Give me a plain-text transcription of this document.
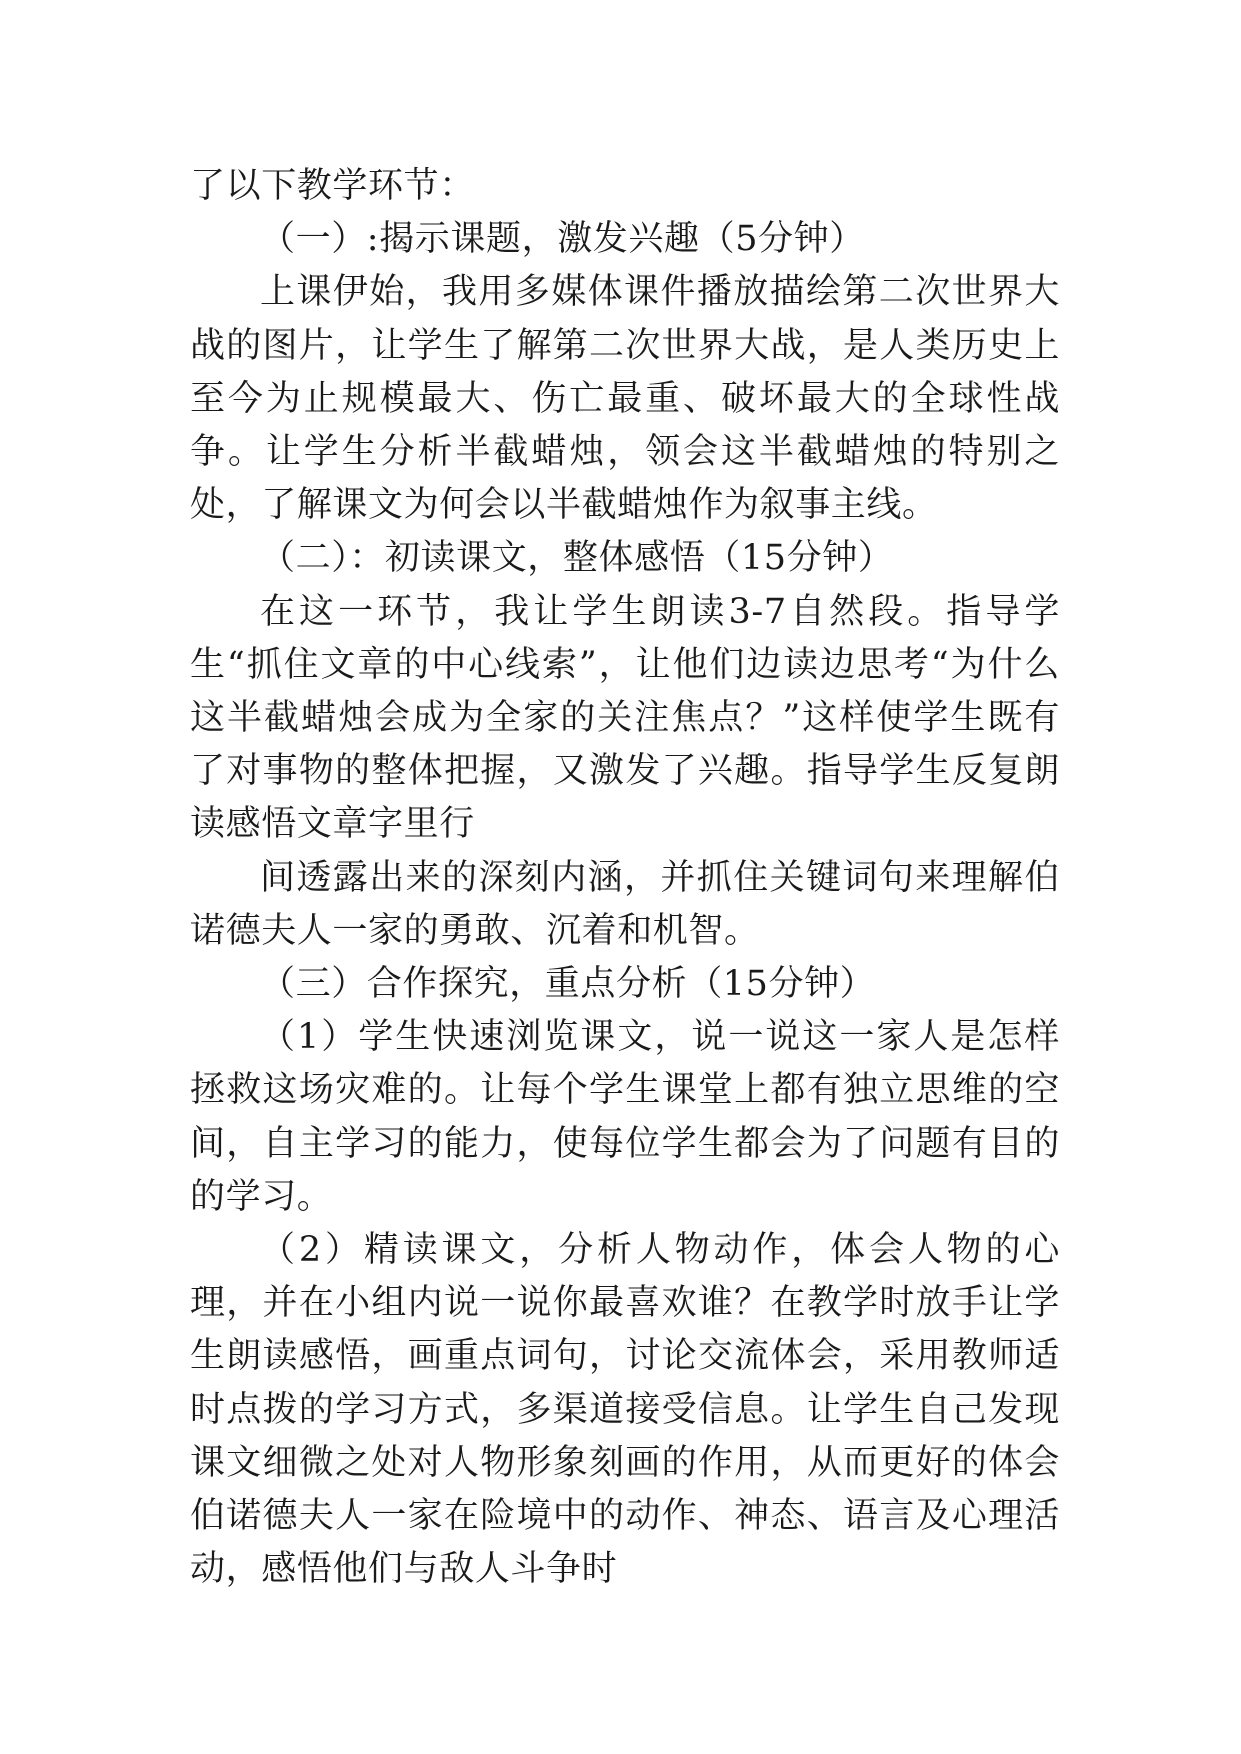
了以下教学环节：

（一）:揭示课题，激发兴趣（5分钟）

上课伊始，我用多媒体课件播放描绘第二次世界大战的图片，让学生了解第二次世界大战，是人类历史上至今为止规模最大、伤亡最重、破坏最大的全球性战争。让学生分析半截蜡烛，领会这半截蜡烛的特别之处，了解课文为何会以半截蜡烛作为叙事主线。

（二）：初读课文，整体感悟（15分钟）

在这一环节，我让学生朗读3-7自然段。指导学生“抓住文章的中心线索”，让他们边读边思考“为什么这半截蜡烛会成为全家的关注焦点？”这样使学生既有了对事物的整体把握，又激发了兴趣。指导学生反复朗读感悟文章字里行

间透露出来的深刻内涵，并抓住关键词句来理解伯诺德夫人一家的勇敢、沉着和机智。

（三）合作探究，重点分析（15分钟）

（1）学生快速浏览课文，说一说这一家人是怎样拯救这场灾难的。让每个学生课堂上都有独立思维的空间，自主学习的能力，使每位学生都会为了问题有目的的学习。

（2）精读课文，分析人物动作，体会人物的心理，并在小组内说一说你最喜欢谁？在教学时放手让学生朗读感悟，画重点词句，讨论交流体会，采用教师适时点拨的学习方式，多渠道接受信息。让学生自己发现课文细微之处对人物形象刻画的作用，从而更好的体会伯诺德夫人一家在险境中的动作、神态、语言及心理活动，感悟他们与敌人斗争时
